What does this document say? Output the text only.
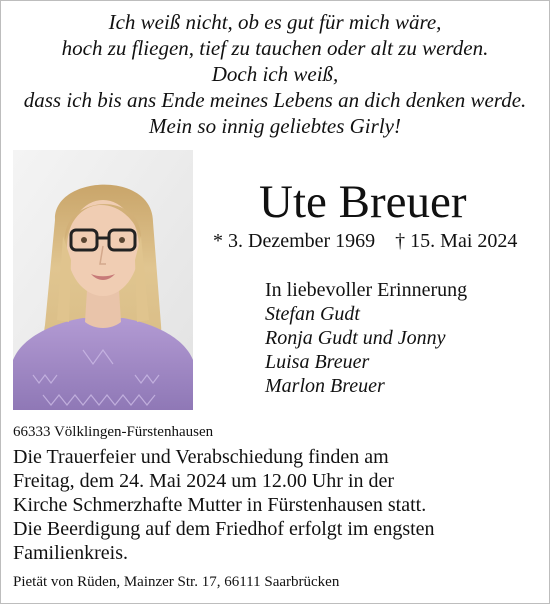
Ich weiß nicht, ob es gut für mich wäre,
hoch zu fliegen, tief zu tauchen oder alt zu werden.
Doch ich weiß,
dass ich bis ans Ende meines Lebens an dich denken werde.
Mein so innig geliebtes Girly!
Ute Breuer
* 3. Dezember 1969 † 15. Mai 2024
In liebevoller Erinnerung
Stefan Gudt
Ronja Gudt und Jonny
Luisa Breuer
Marlon Breuer
66333 Völklingen-Fürstenhausen
Die Trauerfeier und Verabschiedung finden am
Freitag, dem 24. Mai 2024 um 12.00 Uhr in der
Kirche Schmerzhafte Mutter in Fürstenhausen statt.
Die Beerdigung auf dem Friedhof erfolgt im engsten
Familienkreis.
Pietät von Rüden, Mainzer Str. 17, 66111 Saarbrücken
